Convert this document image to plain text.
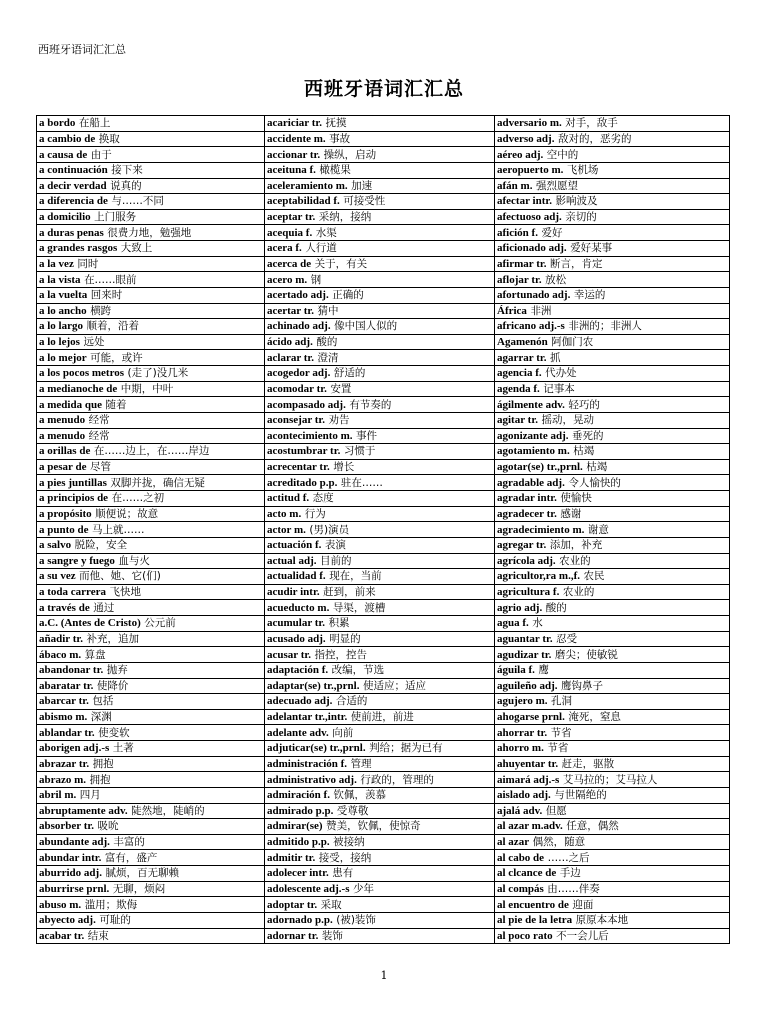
西班牙语词汇汇总
西班牙语词汇汇总
a bordo 在船上	acariciar tr. 抚摸	adversario m. 对手，敌手
a cambio de 换取	accidente m. 事故	adverso adj. 敌对的，恶劣的
a causa de 由于	accionar tr. 操纵，启动	aéreo adj. 空中的
a continuación 接下来	aceituna f. 橄榄果	aeropuerto m. 飞机场
a decir verdad 说真的	aceleramiento m. 加速	afán m. 强烈愿望
a diferencia de 与……不同	aceptabilidad f. 可接受性	afectar intr. 影响波及
a domicilio 上门服务	aceptar tr. 采纳，接纳	afectuoso adj. 亲切的
a duras penas 很费力地，勉强地	acequia f. 水渠	afición f. 爱好
a grandes rasgos 大致上	acera f. 人行道	aficionado adj. 爱好某事
a la vez 同时	acerca de 关于，有关	afirmar tr. 断言，肯定
a la vista 在……眼前	acero m. 钢	aflojar tr. 放松
a la vuelta 回来时	acertado adj. 正确的	afortunado adj. 幸运的
a lo ancho 横跨	acertar tr. 猜中	África 非洲
a lo largo 顺着，沿着	achinado adj. 像中国人似的	africano adj.-s 非洲的；非洲人
a lo lejos 远处	ácido adj. 酸的	Agamenón 阿伽门农
a lo mejor 可能，或许	aclarar tr. 澄清	agarrar tr. 抓
a los pocos metros (走了)没几米	acogedor adj. 舒适的	agencia f. 代办处
a medianoche de 中期，中叶	acomodar tr. 安置	agenda f. 记事本
a medida que 随着	acompasado adj. 有节奏的	ágilmente adv. 轻巧的
a menudo 经常	aconsejar tr. 劝告	agitar tr. 摇动，晃动
a menudo 经常	acontecimiento m. 事件	agonizante adj. 垂死的
a orillas de 在……边上，在……岸边	acostumbrar tr. 习惯于	agotamiento m. 枯竭
a pesar de 尽管	acrecentar tr. 增长	agotar(se) tr.,prnl. 枯竭
a pies juntillas 双脚并拢，确信无疑	acreditado p.p. 驻在……	agradable adj. 令人愉快的
a principios de 在……之初	actitud f. 态度	agradar intr. 使愉快
a propósito 顺便说；故意	acto m. 行为	agradecer tr. 感谢
a punto de 马上就……	actor m. (男)演员	agradecimiento m. 谢意
a salvo 脱险，安全	actuación f. 表演	agregar tr. 添加，补充
a sangre y fuego 血与火	actual adj. 目前的	agrícola adj. 农业的
a su vez 而他、她、它(们)	actualidad f. 现在，当前	agricultor,ra m.,f. 农民
a toda carrera 飞快地	acudir intr. 赶到，前来	agricultura f. 农业的
a través de 通过	acueducto m. 导渠，渡槽	agrio adj. 酸的
a.C. (Antes de Cristo) 公元前	acumular tr. 积累	agua f. 水
añadir tr. 补充，追加	acusado adj. 明显的	aguantar tr. 忍受
ábaco m. 算盘	acusar tr. 指控，控告	agudizar tr. 磨尖；使敏锐
abandonar tr. 抛弃	adaptación f. 改编，节选	águila f. 鹰
abaratar tr. 使降价	adaptar(se) tr.,prnl. 使适应；适应	aguileño adj. 鹰钩鼻子
abarcar tr. 包括	adecuado adj. 合适的	agujero m. 孔洞
abismo m. 深渊	adelantar tr.,intr. 使前进，前进	ahogarse prnl. 淹死，窒息
ablandar tr. 使变软	adelante adv. 向前	ahorrar tr. 节省
aborigen adj.-s 土著	adjuticar(se) tr.,prnl. 判给；据为已有	ahorro m. 节省
abrazar tr. 拥抱	administración f. 管理	ahuyentar tr. 赶走，驱散
abrazo m. 拥抱	administrativo adj. 行政的，管理的	aimará adj.-s 艾马拉的；艾马拉人
abril m. 四月	admiración f. 钦佩，羡慕	aislado adj. 与世隔绝的
abruptamente adv. 陡然地，陡峭的	admirado p.p. 受尊敬	ajalá adv. 但愿
absorber tr. 吸吮	admirar(se) 赞美，钦佩，使惊奇	al azar m.adv. 任意，偶然
abundante adj. 丰富的	admitido p.p. 被接纳	al azar 偶然，随意
abundar intr. 富有，盛产	admitir tr. 接受，接纳	al cabo de ……之后
aburrido adj. 腻烦，百无聊赖	adolecer intr. 患有	al clcance de 手边
aburrirse prnl. 无聊，烦闷	adolescente adj.-s 少年	al compás 由……伴奏
abuso m. 滥用；欺侮	adoptar tr. 采取	al encuentro de 迎面
abyecto adj. 可耻的	adornado p.p. (被)装饰	al pie de la letra 原原本本地
acabar tr. 结束	adornar tr. 装饰	al poco rato 不一会儿后
1
